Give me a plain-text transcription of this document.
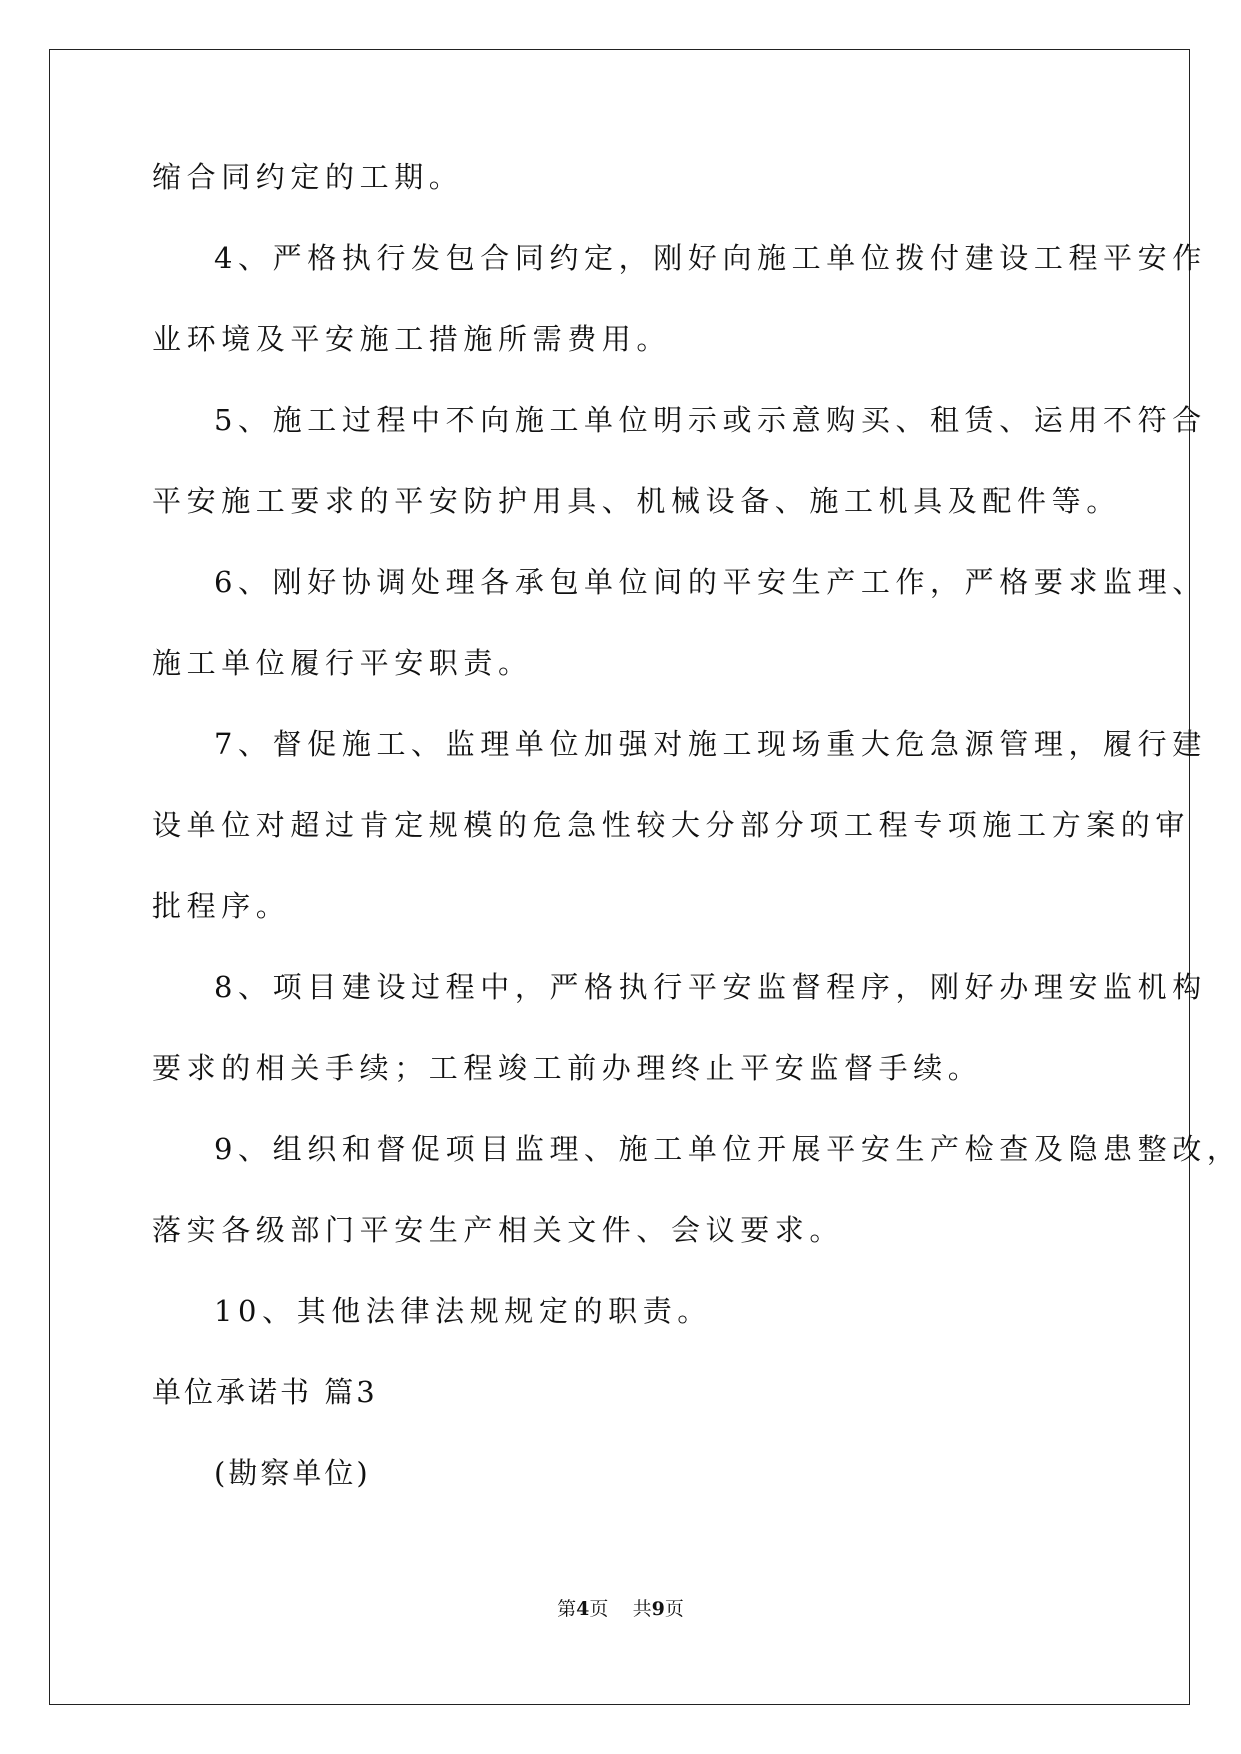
缩合同约定的工期。
4、严格执行发包合同约定，刚好向施工单位拨付建设工程平安作
业环境及平安施工措施所需费用。
5、施工过程中不向施工单位明示或示意购买、租赁、运用不符合
平安施工要求的平安防护用具、机械设备、施工机具及配件等。
6、刚好协调处理各承包单位间的平安生产工作，严格要求监理、
施工单位履行平安职责。
7、督促施工、监理单位加强对施工现场重大危急源管理，履行建
设单位对超过肯定规模的危急性较大分部分项工程专项施工方案的审
批程序。
8、项目建设过程中，严格执行平安监督程序，刚好办理安监机构
要求的相关手续；工程竣工前办理终止平安监督手续。
9、组织和督促项目监理、施工单位开展平安生产检查及隐患整改，
落实各级部门平安生产相关文件、会议要求。
10、其他法律法规规定的职责。
单位承诺书 篇3
(勘察单位)
第4页 共9页
